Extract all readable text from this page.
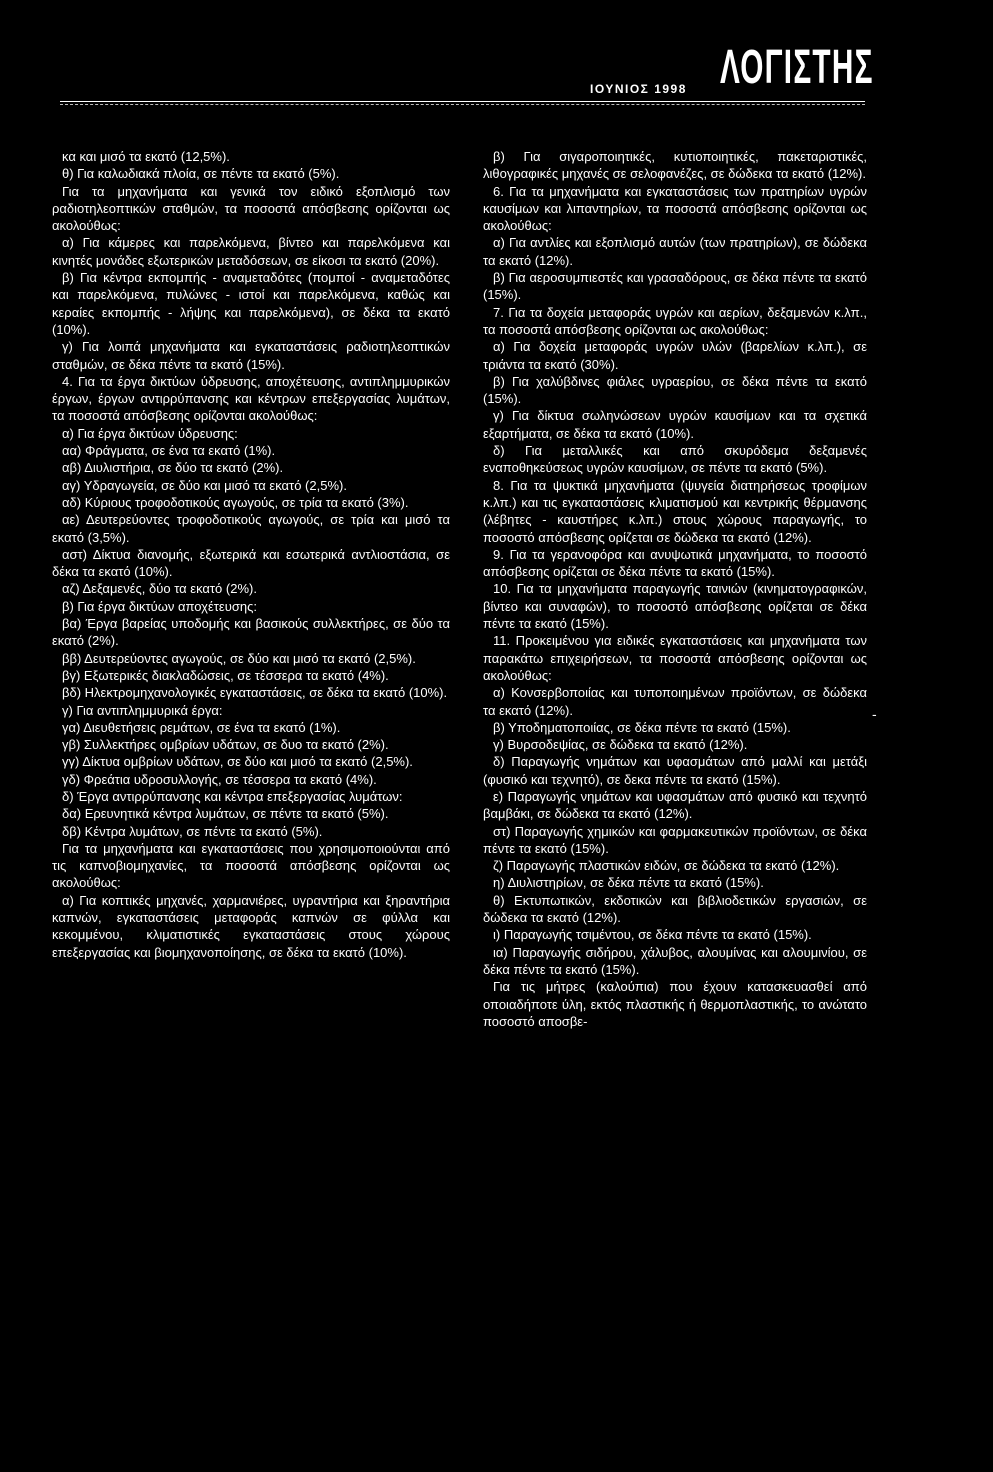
ΙΟΥΝΙΟΣ 1998 ΛΟΓΙΣΤΗΣ

κα και μισό τα εκατό (12,5%).

θ) Για καλωδιακά πλοία, σε πέντε τα εκατό (5%).

Για τα μηχανήματα και γενικά τον ειδικό εξοπλισμό των ραδιοτηλεοπτικών σταθμών, τα ποσοστά απόσβεσης ορίζονται ως ακολούθως:

α) Για κάμερες και παρελκόμενα, βίντεο και παρελκόμενα και κινητές μονάδες εξωτερικών μεταδόσεων, σε είκοσι τα εκατό (20%).

β) Για κέντρα εκπομπής - αναμεταδότες (πομποί - αναμεταδότες και παρελκόμενα, πυλώνες - ιστοί και παρελκόμενα, καθώς και κεραίες εκπομπής - λήψης και παρελκόμενα), σε δέκα τα εκατό (10%).

γ) Για λοιπά μηχανήματα και εγκαταστάσεις ραδιοτηλεοπτικών σταθμών, σε δέκα πέντε τα εκατό (15%).

4. Για τα έργα δικτύων ύδρευσης, αποχέτευσης, αντιπλημμυρικών έργων, έργων αντιρρύπανσης και κέντρων επεξεργασίας λυμάτων, τα ποσοστά απόσβεσης ορίζονται ακολούθως:

α) Για έργα δικτύων ύδρευσης:

αα) Φράγματα, σε ένα τα εκατό (1%).

αβ) Διυλιστήρια, σε δύο τα εκατό (2%).

αγ) Υδραγωγεία, σε δύο και μισό τα εκατό (2,5%).

αδ) Κύριους τροφοδοτικούς αγωγούς, σε τρία τα εκατό (3%).

αε) Δευτερεύοντες τροφοδοτικούς αγωγούς, σε τρία και μισό τα εκατό (3,5%).

αστ) Δίκτυα διανομής, εξωτερικά και εσωτερικά αντλιοστάσια, σε δέκα τα εκατό (10%).

αζ) Δεξαμενές, δύο τα εκατό (2%).

β) Για έργα δικτύων αποχέτευσης:

βα) Έργα βαρείας υποδομής και βασικούς συλλεκτήρες, σε δύο τα εκατό (2%).

ββ) Δευτερεύοντες αγωγούς, σε δύο και μισό τα εκατό (2,5%).

βγ) Εξωτερικές διακλαδώσεις, σε τέσσερα τα εκατό (4%).

βδ) Ηλεκτρομηχανολογικές εγκαταστάσεις, σε δέκα τα εκατό (10%).

γ) Για αντιπλημμυρικά έργα:

γα) Διευθετήσεις ρεμάτων, σε ένα τα εκατό (1%).

γβ) Συλλεκτήρες ομβρίων υδάτων, σε δυο τα εκατό (2%).

γγ) Δίκτυα ομβρίων υδάτων, σε δύο και μισό τα εκατό (2,5%).

γδ) Φρεάτια υδροσυλλογής, σε τέσσερα τα εκατό (4%).

δ) Έργα αντιρρύπανσης και κέντρα επεξεργασίας λυμάτων:

δα) Ερευνητικά κέντρα λυμάτων, σε πέντε τα εκατό (5%).

δβ) Κέντρα λυμάτων, σε πέντε τα εκατό (5%).

Για τα μηχανήματα και εγκαταστάσεις που χρησιμοποιούνται από τις καπνοβιομηχανίες, τα ποσοστά απόσβεσης ορίζονται ως ακολούθως:

α) Για κοπτικές μηχανές, χαρμανιέρες, υγραντήρια και ξηραντήρια καπνών, εγκαταστάσεις μεταφοράς καπνών σε φύλλα και κεκομμένου, κλιματιστικές εγκαταστάσεις στους χώρους επεξεργασίας και βιομηχανοποίησης, σε δέκα τα εκατό (10%).

β) Για σιγαροποιητικές, κυτιοποιητικές, πακεταριστικές, λιθογραφικές μηχανές σε σελοφανέζες, σε δώδεκα τα εκατό (12%).

6. Για τα μηχανήματα και εγκαταστάσεις των πρατηρίων υγρών καυσίμων και λιπαντηρίων, τα ποσοστά απόσβεσης ορίζονται ως ακολούθως:

α) Για αντλίες και εξοπλισμό αυτών (των πρατηρίων), σε δώδεκα τα εκατό (12%).

β) Για αεροσυμπιεστές και γρασαδόρους, σε δέκα πέντε τα εκατό (15%).

7. Για τα δοχεία μεταφοράς υγρών και αερίων, δεξαμενών κ.λπ., τα ποσοστά απόσβεσης ορίζονται ως ακολούθως:

α) Για δοχεία μεταφοράς υγρών υλών (βαρελίων κ.λπ.), σε τριάντα τα εκατό (30%).

β) Για χαλύβδινες φιάλες υγραερίου, σε δέκα πέντε τα εκατό (15%).

γ) Για δίκτυα σωληνώσεων υγρών καυσίμων και τα σχετικά εξαρτήματα, σε δέκα τα εκατό (10%).

δ) Για μεταλλικές και από σκυρόδεμα δεξαμενές εναποθηκεύσεως υγρών καυσίμων, σε πέντε τα εκατό (5%).

8. Για τα ψυκτικά μηχανήματα (ψυγεία διατηρήσεως τροφίμων κ.λπ.) και τις εγκαταστάσεις κλιματισμού και κεντρικής θέρμανσης (λέβητες - καυστήρες κ.λπ.) στους χώρους παραγωγής, το ποσοστό απόσβεσης ορίζεται σε δώδεκα τα εκατό (12%).

9. Για τα γερανοφόρα και ανυψωτικά μηχανήματα, το ποσοστό απόσβεσης ορίζεται σε δέκα πέντε τα εκατό (15%).

10. Για τα μηχανήματα παραγωγής ταινιών (κινηματογραφικών, βίντεο και συναφών), το ποσοστό απόσβεσης ορίζεται σε δέκα πέντε τα εκατό (15%).

11. Προκειμένου για ειδικές εγκαταστάσεις και μηχανήματα των παρακάτω επιχειρήσεων, τα ποσοστά απόσβεσης ορίζονται ως ακολούθως:

α) Κονσερβοποιίας και τυποποιημένων προϊόντων, σε δώδεκα τα εκατό (12%).

β) Υποδηματοποιίας, σε δέκα πέντε τα εκατό (15%).

γ) Βυρσοδεψίας, σε δώδεκα τα εκατό (12%).

δ) Παραγωγής νημάτων και υφασμάτων από μαλλί και μετάξι (φυσικό και τεχνητό), σε δεκα πέντε τα εκατό (15%).

ε) Παραγωγής νημάτων και υφασμάτων από φυσικό και τεχνητό βαμβάκι, σε δώδεκα τα εκατό (12%).

στ) Παραγωγής χημικών και φαρμακευτικών προϊόντων, σε δέκα πέντε τα εκατό (15%).

ζ) Παραγωγής πλαστικών ειδών, σε δώδεκα τα εκατό (12%).

η) Διυλιστηρίων, σε δέκα πέντε τα εκατό (15%).

θ) Εκτυπωτικών, εκδοτικών και βιβλιοδετικών εργασιών, σε δώδεκα τα εκατό (12%).

ι) Παραγωγής τσιμέντου, σε δέκα πέντε τα εκατό (15%).

ια) Παραγωγής σιδήρου, χάλυβος, αλουμίνας και αλουμινίου, σε δέκα πέντε τα εκατό (15%).

Για τις μήτρες (καλούπια) που έχουν κατασκευασθεί από οποιαδήποτε ύλη, εκτός πλαστικής ή θερμοπλαστικής, το ανώτατο ποσοστό αποσβε-

-
